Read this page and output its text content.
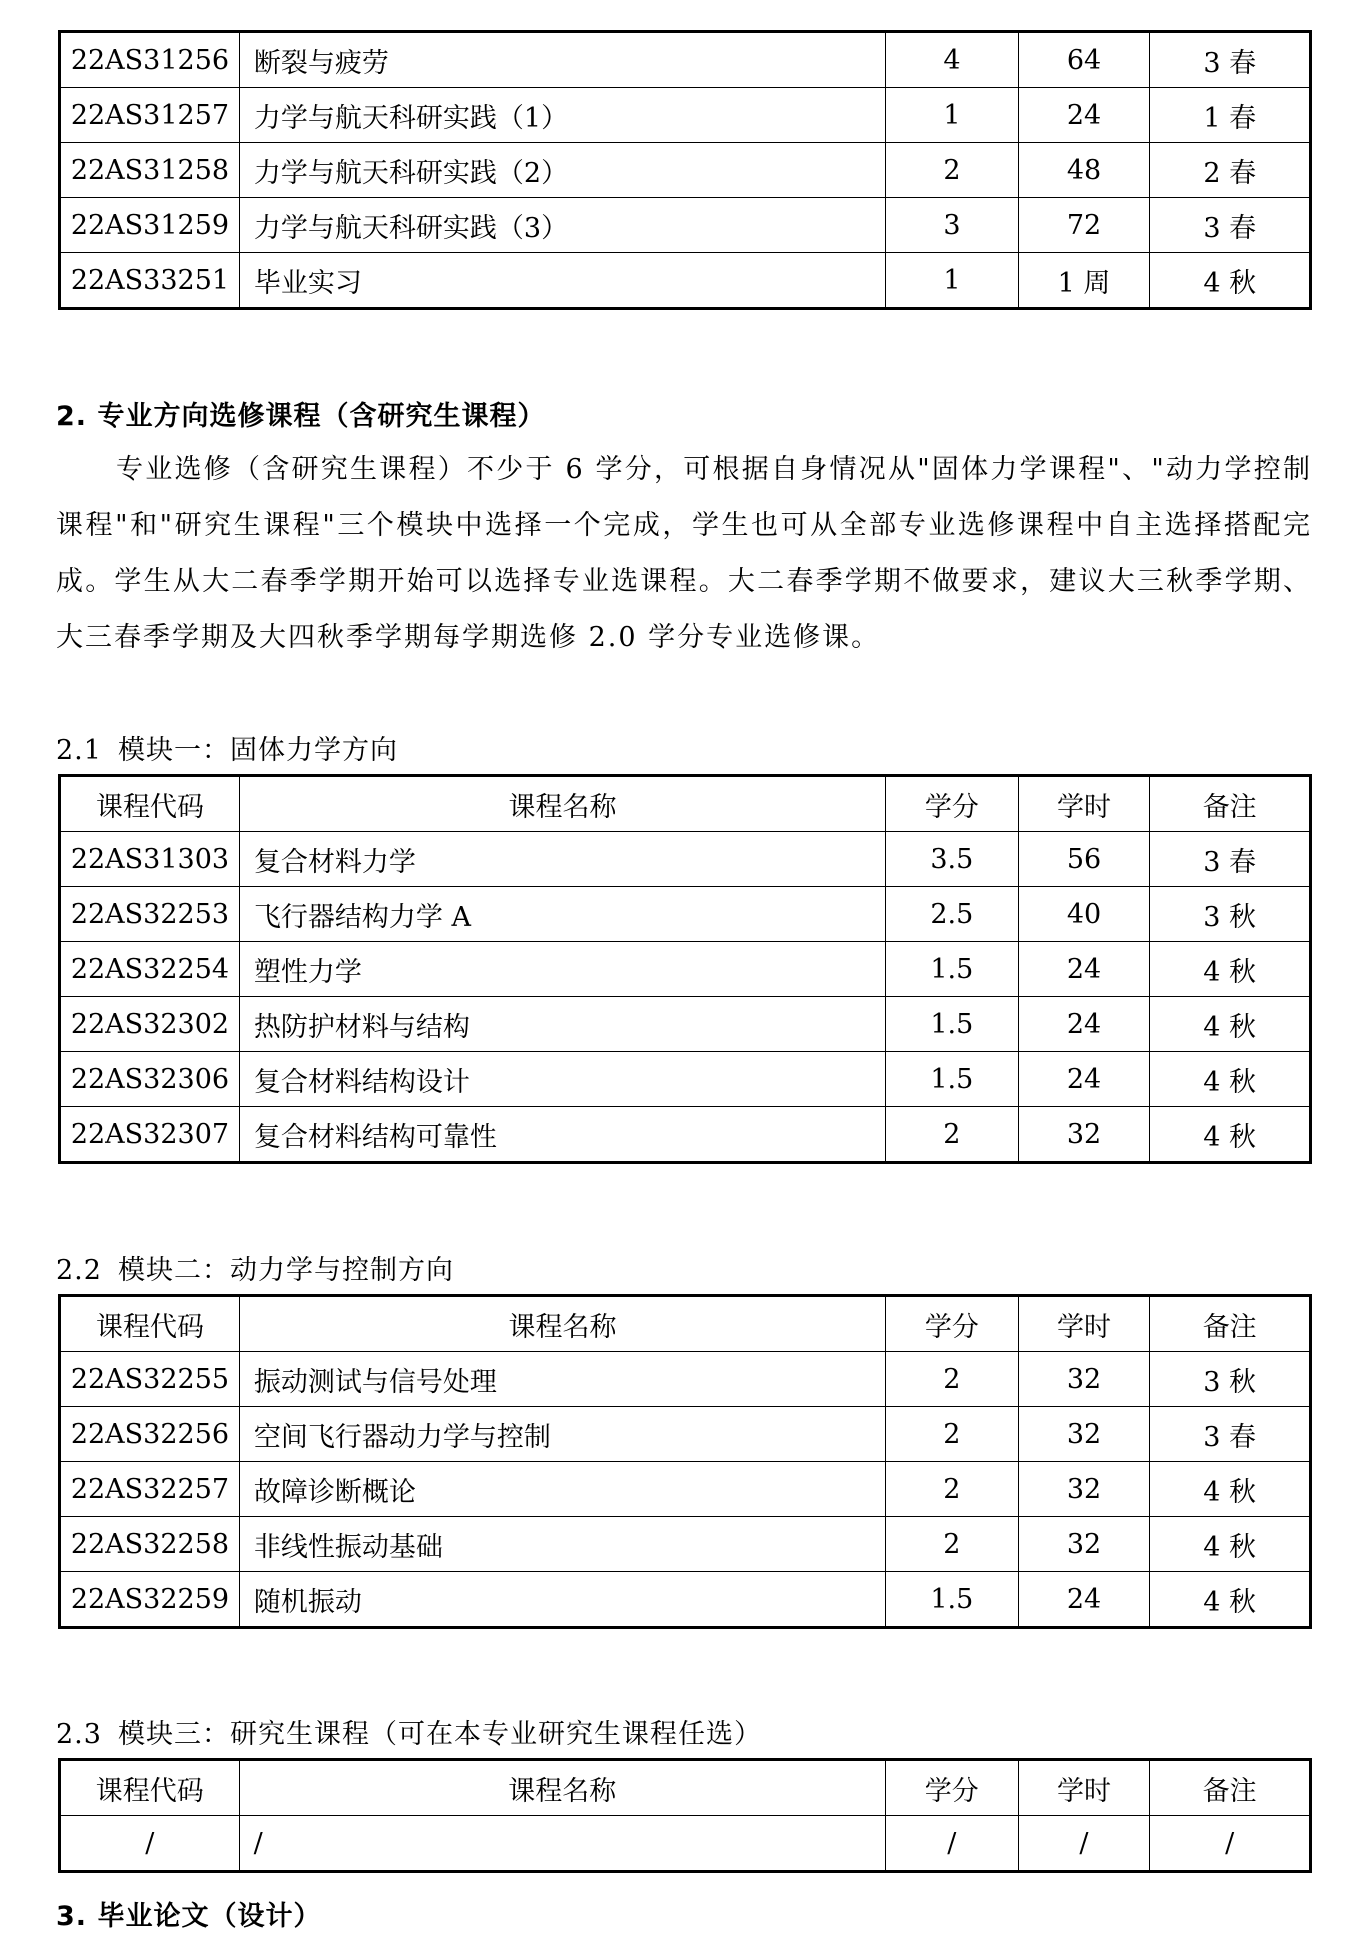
22AS31256	断裂与疲劳	4	64	3 春
22AS31257	力学与航天科研实践（1）	1	24	1 春
22AS31258	力学与航天科研实践（2）	2	48	2 春
22AS31259	力学与航天科研实践（3）	3	72	3 春
22AS33251	毕业实习	1	1 周	4 秋
2. 专业方向选修课程（含研究生课程）
专业选修（含研究生课程）不少于 6 学分，可根据自身情况从"固体力学课程"、"动力学控制课程"和"研究生课程"三个模块中选择一个完成，学生也可从全部专业选修课程中自主选择搭配完成。学生从大二春季学期开始可以选择专业选课程。大二春季学期不做要求，建议大三秋季学期、大三春季学期及大四秋季学期每学期选修 2.0 学分专业选修课。
2.1 模块一：固体力学方向
课程代码	课程名称	学分	学时	备注
22AS31303	复合材料力学	3.5	56	3 春
22AS32253	飞行器结构力学 A	2.5	40	3 秋
22AS32254	塑性力学	1.5	24	4 秋
22AS32302	热防护材料与结构	1.5	24	4 秋
22AS32306	复合材料结构设计	1.5	24	4 秋
22AS32307	复合材料结构可靠性	2	32	4 秋
2.2 模块二：动力学与控制方向
课程代码	课程名称	学分	学时	备注
22AS32255	振动测试与信号处理	2	32	3 秋
22AS32256	空间飞行器动力学与控制	2	32	3 春
22AS32257	故障诊断概论	2	32	4 秋
22AS32258	非线性振动基础	2	32	4 秋
22AS32259	随机振动	1.5	24	4 秋
2.3 模块三：研究生课程（可在本专业研究生课程任选）
课程代码	课程名称	学分	学时	备注
/	/	/	/	/
3. 毕业论文（设计）
